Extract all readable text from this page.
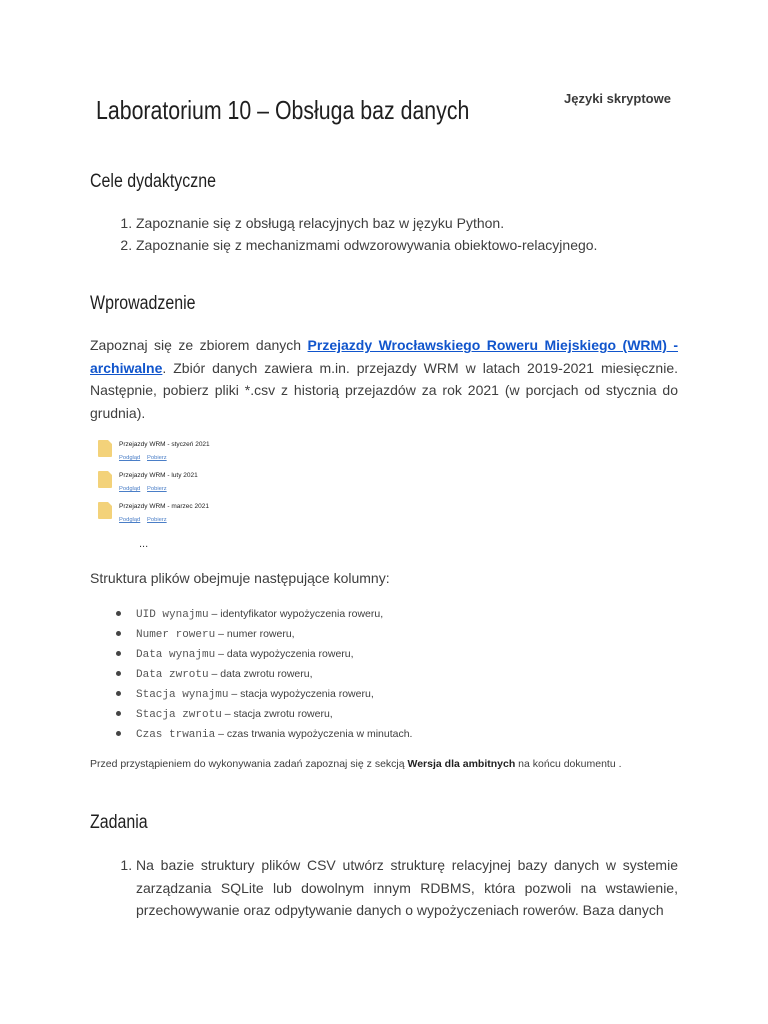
Języki skryptowe
Laboratorium 10 – Obsługa baz danych
Cele dydaktyczne
1. Zapoznanie się z obsługą relacyjnych baz w języku Python.
2. Zapoznanie się z mechanizmami odwzorowywania obiektowo-relacyjnego.
Wprowadzenie

Zapoznaj się ze zbiorem danych Przejazdy Wrocławskiego Roweru Miejskiego (WRM) - archiwalne. Zbiór danych zawiera m.in. przejazdy WRM w latach 2019-2021 miesięcznie. Następnie, pobierz pliki *.csv z historią przejazdów za rok 2021 (w porcjach od stycznia do grudnia).

Przejazdy WRM - styczeń 2021
Podgląd Pobierz
Przejazdy WRM - luty 2021
Podgląd Pobierz
Przejazdy WRM - marzec 2021
Podgląd Pobierz
...

Struktura plików obejmuje następujące kolumny:

UID wynajmu – identyfikator wypożyczenia roweru,
Numer roweru – numer roweru,
Data wynajmu – data wypożyczenia roweru,
Data zwrotu – data zwrotu roweru,
Stacja wynajmu – stacja wypożyczenia roweru,
Stacja zwrotu – stacja zwrotu roweru,
Czas trwania – czas trwania wypożyczenia w minutach.

Przed przystąpieniem do wykonywania zadań zapoznaj się z sekcją Wersja dla ambitnych na końcu dokumentu .

Zadania
1. Na bazie struktury plików CSV utwórz strukturę relacyjnej bazy danych w systemie zarządzania SQLite lub dowolnym innym RDBMS, która pozwoli na wstawienie, przechowywanie oraz odpytywanie danych o wypożyczeniach rowerów. Baza danych
